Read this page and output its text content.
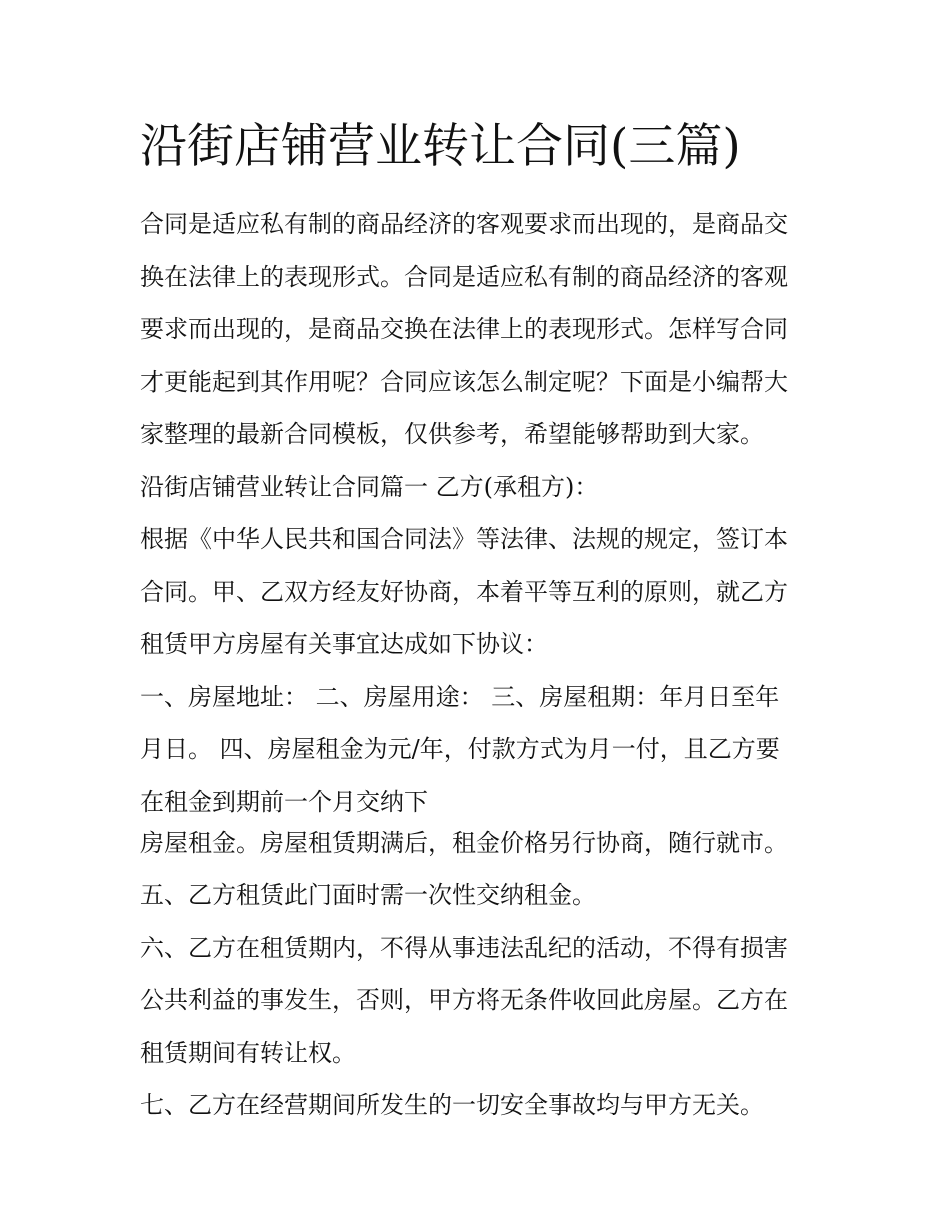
沿街店铺营业转让合同(三篇)
合同是适应私有制的商品经济的客观要求而出现的，是商品交
换在法律上的表现形式。合同是适应私有制的商品经济的客观
要求而出现的，是商品交换在法律上的表现形式。怎样写合同
才更能起到其作用呢？合同应该怎么制定呢？下面是小编帮大
家整理的最新合同模板，仅供参考，希望能够帮助到大家。
沿街店铺营业转让合同篇一 乙方(承租方)：
根据《中华人民共和国合同法》等法律、法规的规定，签订本
合同。甲、乙双方经友好协商，本着平等互利的原则，就乙方
租赁甲方房屋有关事宜达成如下协议：
一、房屋地址： 二、房屋用途： 三、房屋租期：年月日至年
月日。 四、房屋租金为元/年，付款方式为月一付，且乙方要
在租金到期前一个月交纳下
房屋租金。房屋租赁期满后，租金价格另行协商，随行就市。
五、乙方租赁此门面时需一次性交纳租金。
六、乙方在租赁期内，不得从事违法乱纪的活动，不得有损害
公共利益的事发生，否则，甲方将无条件收回此房屋。乙方在
租赁期间有转让权。
七、乙方在经营期间所发生的一切安全事故均与甲方无关。
